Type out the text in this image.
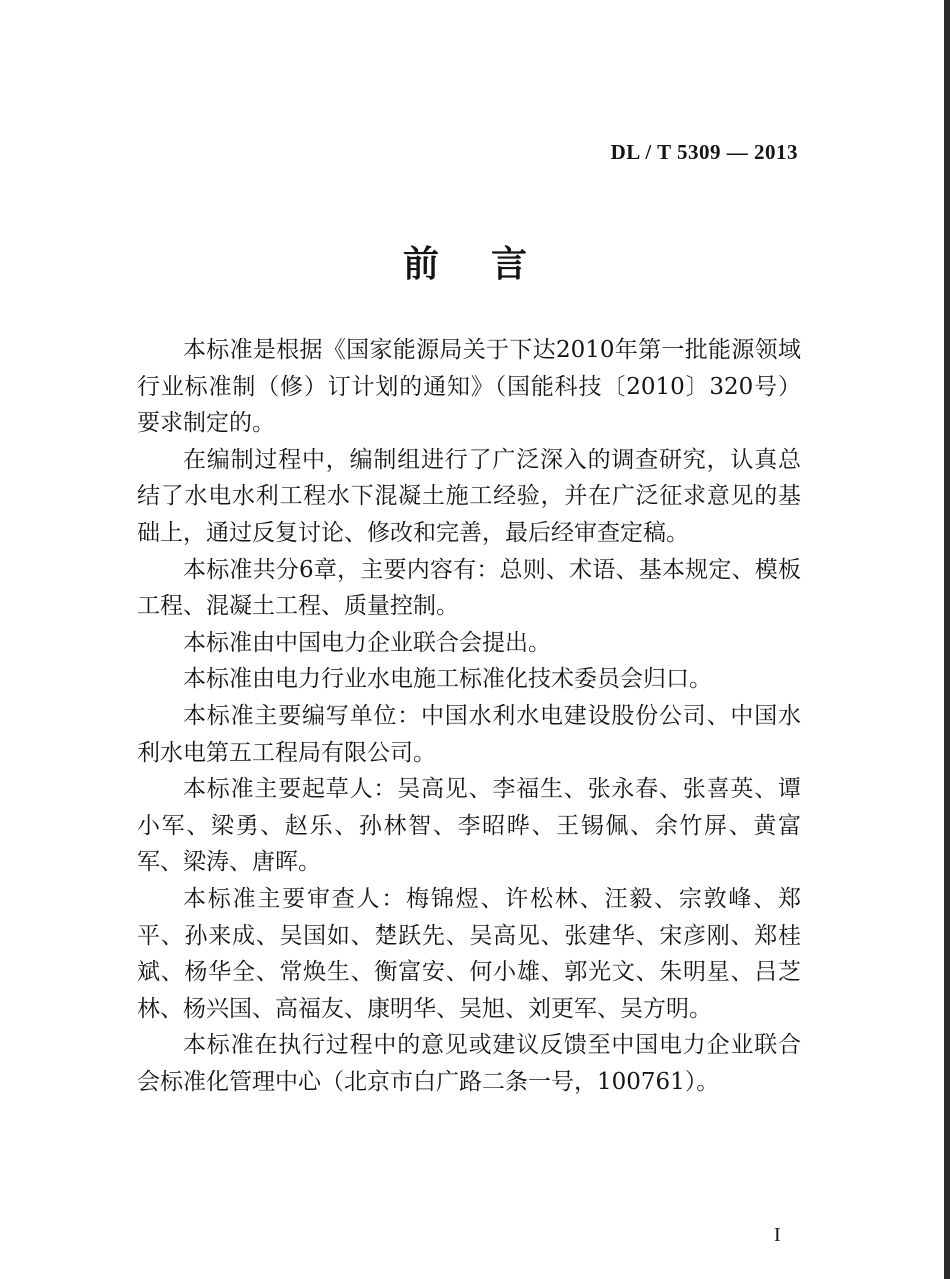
DL / T 5309 — 2013
前言

本标准是根据《国家能源局关于下达2010年第一批能源领域行业标准制（修）订计划的通知》（国能科技〔2010〕320号）要求制定的。

在编制过程中，编制组进行了广泛深入的调查研究，认真总结了水电水利工程水下混凝土施工经验，并在广泛征求意见的基础上，通过反复讨论、修改和完善，最后经审查定稿。

本标准共分6章，主要内容有：总则、术语、基本规定、模板工程、混凝土工程、质量控制。

本标准由中国电力企业联合会提出。

本标准由电力行业水电施工标准化技术委员会归口。

本标准主要编写单位：中国水利水电建设股份公司、中国水利水电第五工程局有限公司。

本标准主要起草人：吴高见、李福生、张永春、张喜英、谭小军、梁勇、赵乐、孙林智、李昭晔、王锡佩、余竹屏、黄富军、梁涛、唐晖。

本标准主要审查人：梅锦煜、许松林、汪毅、宗敦峰、郑平、孙来成、吴国如、楚跃先、吴高见、张建华、宋彦刚、郑桂斌、杨华全、常焕生、衡富安、何小雄、郭光文、朱明星、吕芝林、杨兴国、高福友、康明华、吴旭、刘更军、吴方明。

本标准在执行过程中的意见或建议反馈至中国电力企业联合会标准化管理中心（北京市白广路二条一号，100761）。

I
